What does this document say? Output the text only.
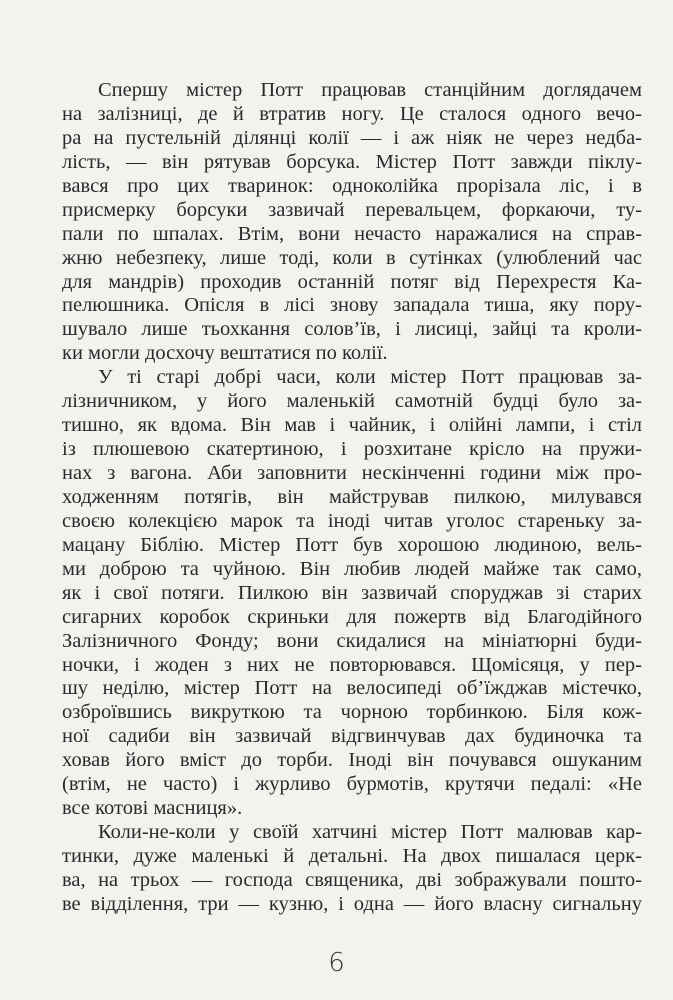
Спершу містер Потт працював станційним доглядачем
на залізниці, де й втратив ногу. Це сталося одного вечо-
ра на пустельній ділянці колії — і аж ніяк не через недба-
лість, — він рятував борсука. Містер Потт завжди піклу-
вався про цих тваринок: одноколійка прорізала ліс, і в
присмерку борсуки зазвичай перевальцем, форкаючи, ту-
пали по шпалах. Втім, вони нечасто наражалися на справ-
жню небезпеку, лише тоді, коли в сутінках (улюблений час
для мандрів) проходив останній потяг від Перехрестя Ка-
пелюшника. Опісля в лісі знову западала тиша, яку пору-
шувало лише тьохкання солов’їв, і лисиці, зайці та кроли-
ки могли досхочу вештатися по колії.
У ті старі добрі часи, коли містер Потт працював за-
лізничником, у його маленькій самотній будці було за-
тишно, як вдома. Він мав і чайник, і олійні лампи, і стіл
із плюшевою скатертиною, і розхитане крісло на пружи-
нах з вагона. Аби заповнити нескінченні години між про-
ходженням потягів, він майстрував пилкою, милувався
своєю колекцією марок та іноді читав уголос стареньку за-
мацану Біблію. Містер Потт був хорошою людиною, вель-
ми доброю та чуйною. Він любив людей майже так само,
як і свої потяги. Пилкою він зазвичай споруджав зі старих
сигарних коробок скриньки для пожертв від Благодійного
Залізничного Фонду; вони скидалися на мініатюрні буди-
ночки, і жоден з них не повторювався. Щомісяця, у пер-
шу неділю, містер Потт на велосипеді об’їжджав містечко,
озброївшись викруткою та чорною торбинкою. Біля кож-
ної садиби він зазвичай відгвинчував дах будиночка та
ховав його вміст до торби. Іноді він почувався ошуканим
(втім, не часто) і журливо бурмотів, крутячи педалі: «Не
все котові масниця».
Коли-не-коли у своїй хатчині містер Потт малював кар-
тинки, дуже маленькі й детальні. На двох пишалася церк-
ва, на трьох — господа священика, дві зображували пошто-
ве відділення, три — кузню, і одна — його власну сигнальну
6
